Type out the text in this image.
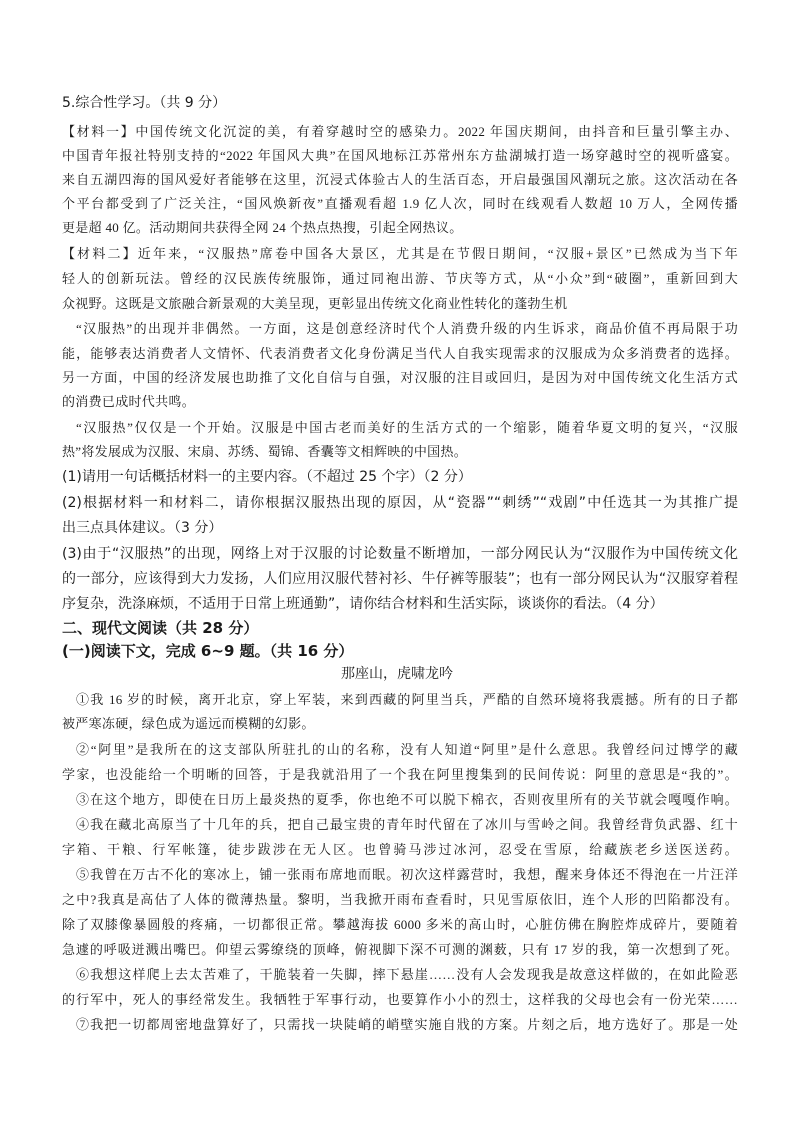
5.综合性学习。（共 9 分）
【材料一】中国传统文化沉淀的美，有着穿越时空的感染力。2022 年国庆期间，由抖音和巨量引擎主办、
中国青年报社特别支持的“2022 年国风大典”在国风地标江苏常州东方盐湖城打造一场穿越时空的视听盛宴。
来自五湖四海的国风爱好者能够在这里，沉浸式体验古人的生活百态，开启最强国风潮玩之旅。这次活动在各
个平台都受到了广泛关注，“国风焕新夜”直播观看超 1.9 亿人次，同时在线观看人数超 10 万人，全网传播
更是超 40 亿。活动期间共获得全网 24 个热点热搜，引起全网热议。
【材料二】近年来，“汉服热”席卷中国各大景区，尤其是在节假日期间，“汉服+景区”已然成为当下年
轻人的创新玩法。曾经的汉民族传统服饰，通过同袍出游、节庆等方式，从“小众”到“破圈”，重新回到大
众视野。这既是文旅融合新景观的大美呈现，更彰显出传统文化商业性转化的蓬勃生机
“汉服热”的出现并非偶然。一方面，这是创意经济时代个人消费升级的内生诉求，商品价值不再局限于功
能，能够表达消费者人文情怀、代表消费者文化身份满足当代人自我实现需求的汉服成为众多消费者的选择。
另一方面，中国的经济发展也助推了文化自信与自强，对汉服的注目或回归，是因为对中国传统文化生活方式
的消费已成时代共鸣。
“汉服热”仅仅是一个开始。汉服是中国古老而美好的生活方式的一个缩影，随着华夏文明的复兴，“汉服
热”将发展成为汉服、宋扇、苏绣、蜀锦、香囊等文相辉映的中国热。
(1)请用一句话概括材料一的主要内容。（不超过 25 个字）（2 分）
(2)根据材料一和材料二，请你根据汉服热出现的原因，从“瓷器”“刺绣”“戏剧”中任选其一为其推广提
出三点具体建议。（3 分）
(3)由于“汉服热”的出现，网络上对于汉服的讨论数量不断增加，一部分网民认为“汉服作为中国传统文化
的一部分，应该得到大力发扬，人们应用汉服代替衬衫、牛仔裤等服装”；也有一部分网民认为“汉服穿着程
序复杂，洗涤麻烦，不适用于日常上班通勤”，请你结合材料和生活实际，谈谈你的看法。（4 分）
二、现代文阅读（共 28 分）
(一)阅读下文，完成 6~9 题。（共 16 分）
那座山，虎啸龙吟
①我 16 岁的时候，离开北京，穿上军装，来到西藏的阿里当兵，严酷的自然环境将我震撼。所有的日子都
被严寒冻硬，绿色成为遥远而模糊的幻影。
②“阿里”是我所在的这支部队所驻扎的山的名称，没有人知道“阿里”是什么意思。我曾经问过博学的藏
学家，也没能给一个明晰的回答，于是我就沿用了一个我在阿里搜集到的民间传说：阿里的意思是“我的”。
③在这个地方，即使在日历上最炎热的夏季，你也绝不可以脱下棉衣，否则夜里所有的关节就会嘎嘎作响。
④我在藏北高原当了十几年的兵，把自己最宝贵的青年时代留在了冰川与雪岭之间。我曾经背负武器、红十
字箱、干粮、行军帐篷，徒步跋涉在无人区。也曾骑马涉过冰河，忍受在雪原，给藏族老乡送医送药。
⑤我曾在万古不化的寒冰上，铺一张雨布席地而眠。初次这样露营时，我想，醒来身体还不得泡在一片汪洋
之中?我真是高估了人体的微薄热量。黎明，当我掀开雨布查看时，只见雪原依旧，连个人形的凹陷都没有。
除了双膝像暴圆般的疼痛，一切都很正常。攀越海拔 6000 多米的高山时，心脏仿佛在胸腔炸成碎片，要随着
急遽的呼吸迸溅出嘴巴。仰望云雾缭绕的顶峰，俯视脚下深不可测的渊薮，只有 17 岁的我，第一次想到了死。
⑥我想这样爬上去太苦难了，干脆装着一失脚，摔下悬崖……没有人会发现我是故意这样做的，在如此险恶
的行军中，死人的事经常发生。我牺牲于军事行动，也要算作小小的烈士，这样我的父母也会有一份光荣……
⑦我把一切都周密地盘算好了，只需找一块陡峭的峭壁实施自戕的方案。片刻之后，地方选好了。那是一处
